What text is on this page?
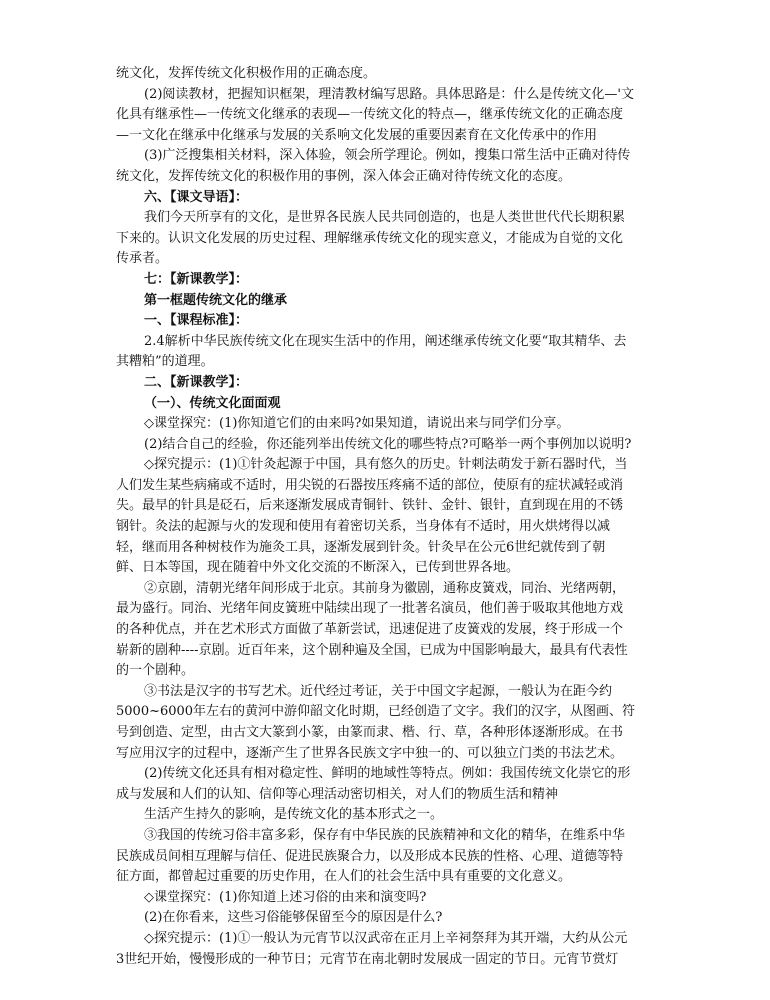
统文化，发挥传统文化积极作用的正确态度。
(2)阅读教材，把握知识框架，理清教材编写思路。具体思路是：什么是传统文化—'文
化具有继承性—一传统文化继承的表现—一传统文化的特点—，继承传统文化的正确态度
—一文化在继承中化继承与发展的关系响文化发展的重要因素育在文化传承中的作用
(3)广泛搜集相关材料，深入体验，领会所学理论。例如，搜集口常生活中正确对待传
统文化，发挥传统文化的积极作用的事例，深入体会正确对待传统文化的态度。
六、【课文导语】：
我们今天所享有的文化，是世界各民族人民共同创造的，也是人类世世代代长期积累
下来的。认识文化发展的历史过程、理解继承传统文化的现实意义，才能成为自觉的文化
传承者。
七：【新课教学】：
第一框题传统文化的继承
一、【课程标准】：
2.4解析中华民族传统文化在现实生活中的作用，阐述继承传统文化要“取其精华、去
其糟粕”的道理。
二、【新课教学】：
（一）、传统文化面面观
◇课堂探究：(1)你知道它们的由来吗?如果知道，请说出来与同学们分享。
(2)结合自己的经验，你还能列举出传统文化的哪些特点?可略举一两个事例加以说明?
◇探究提示：(1)①针灸起源于中国，具有悠久的历史。针刺法萌发于新石器时代，当
人们发生某些病痛或不适时，用尖锐的石器按压疼痛不适的部位，使原有的症状减轻或消
失。最早的针具是砭石，后来逐渐发展成青铜针、铁针、金针、银针，直到现在用的不锈
钢针。灸法的起源与火的发现和使用有着密切关系，当身体有不适时，用火烘烤得以减
轻，继而用各种树枝作为施灸工具，逐渐发展到针灸。针灸早在公元6世纪就传到了朝
鲜、日本等国，现在随着中外文化交流的不断深入，已传到世界各地。
②京剧，清朝光绪年间形成于北京。其前身为徽剧，通称皮簧戏，同治、光绪两朝，
最为盛行。同治、光绪年间皮簧班中陆续出现了一批著名演员，他们善于吸取其他地方戏
的各种优点，并在艺术形式方面做了革新尝试，迅速促进了皮簧戏的发展，终于形成一个
崭新的剧种----京剧。近百年来，这个剧种遍及全国，已成为中国影响最大，最具有代表性
的一个剧种。
③书法是汉字的书写艺术。近代经过考证，关于中国文字起源，一般认为在距今约
5000~6000年左右的黄河中游仰韶文化时期，已经创造了文字。我们的汉字，从图画、符
号到创造、定型，由古文大篆到小篆，由篆而隶、楷、行、草，各种形体逐渐形成。在书
写应用汉字的过程中，逐渐产生了世界各民族文字中独一的、可以独立门类的书法艺术。
(2)传统文化还具有相对稳定性、鲜明的地域性等特点。例如：我国传统文化崇它的形
成与发展和人们的认知、信仰等心理活动密切相关，对人们的物质生活和精神
生活产生持久的影响，是传统文化的基本形式之一。
③我国的传统习俗丰富多彩，保存有中华民族的民族精神和文化的精华，在维系中华
民族成员间相互理解与信任、促进民族聚合力，以及形成本民族的性格、心理、道德等特
征方面，都曾起过重要的历史作用，在人们的社会生活中具有重要的文化意义。
◇课堂探究：(1)你知道上述习俗的由来和演变吗?
(2)在你看来，这些习俗能够保留至今的原因是什么?
◇探究提示：(1)①一般认为元宵节以汉武帝在正月上辛祠祭拜为其开端，大约从公元
3世纪开始，慢慢形成的一种节日；元宵节在南北朝时发展成一固定的节日。元宵节赏灯
